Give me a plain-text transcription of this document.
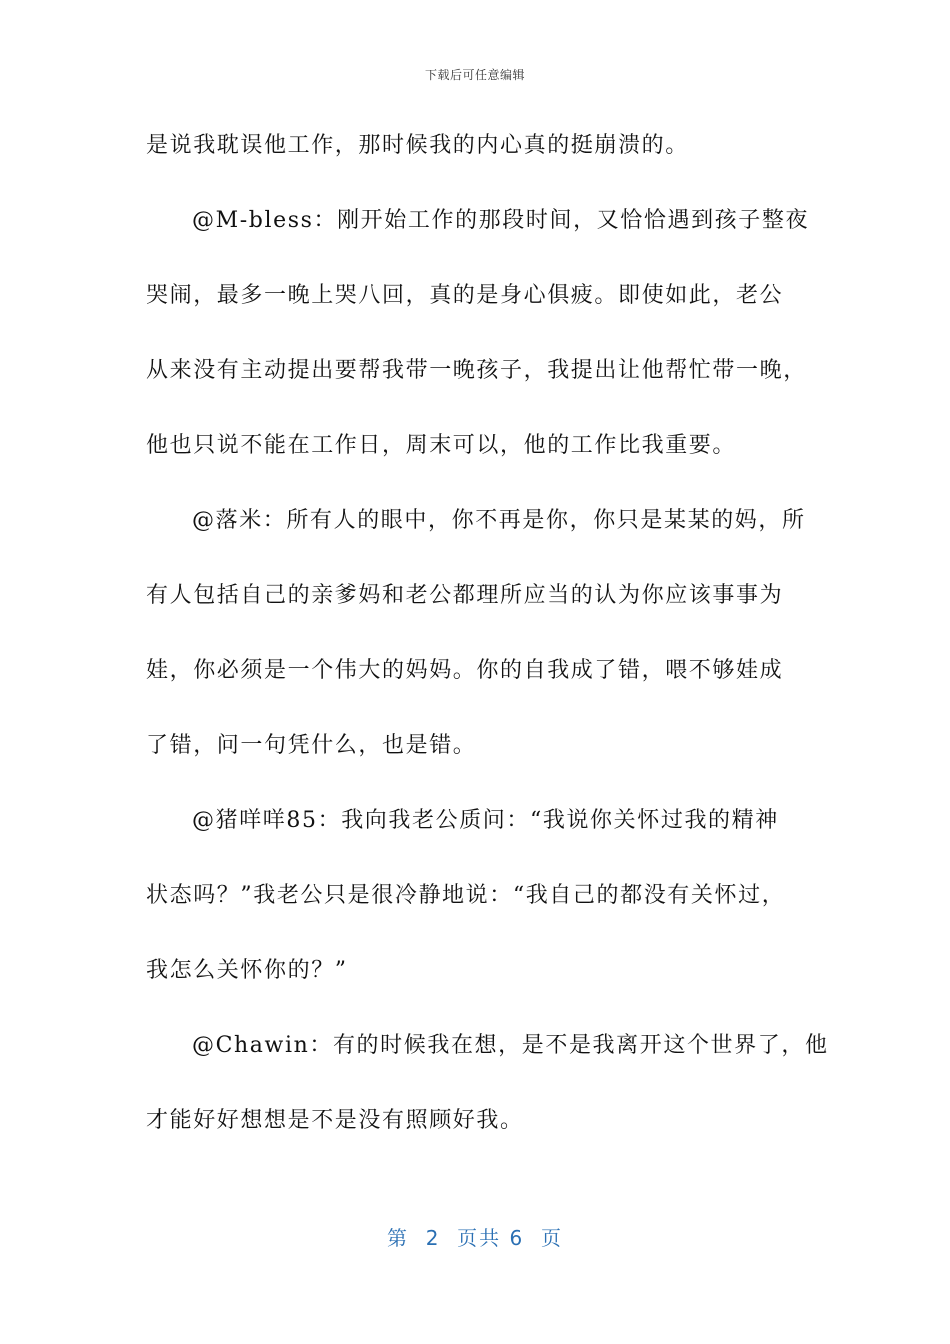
下载后可任意编辑
是说我耽误他工作，那时候我的内心真的挺崩溃的。
@M-bless：刚开始工作的那段时间，又恰恰遇到孩子整夜
哭闹，最多一晚上哭八回，真的是身心俱疲。即使如此，老公
从来没有主动提出要帮我带一晚孩子，我提出让他帮忙带一晚，
他也只说不能在工作日，周末可以，他的工作比我重要。
@落米：所有人的眼中，你不再是你，你只是某某的妈，所
有人包括自己的亲爹妈和老公都理所应当的认为你应该事事为
娃，你必须是一个伟大的妈妈。你的自我成了错，喂不够娃成
了错，问一句凭什么，也是错。
@猪咩咩85：我向我老公质问：“我说你关怀过我的精神
状态吗？”我老公只是很冷静地说：“我自己的都没有关怀过，
我怎么关怀你的？”
@Chawin：有的时候我在想，是不是我离开这个世界了，他
才能好好想想是不是没有照顾好我。
第  2  页共 6  页
